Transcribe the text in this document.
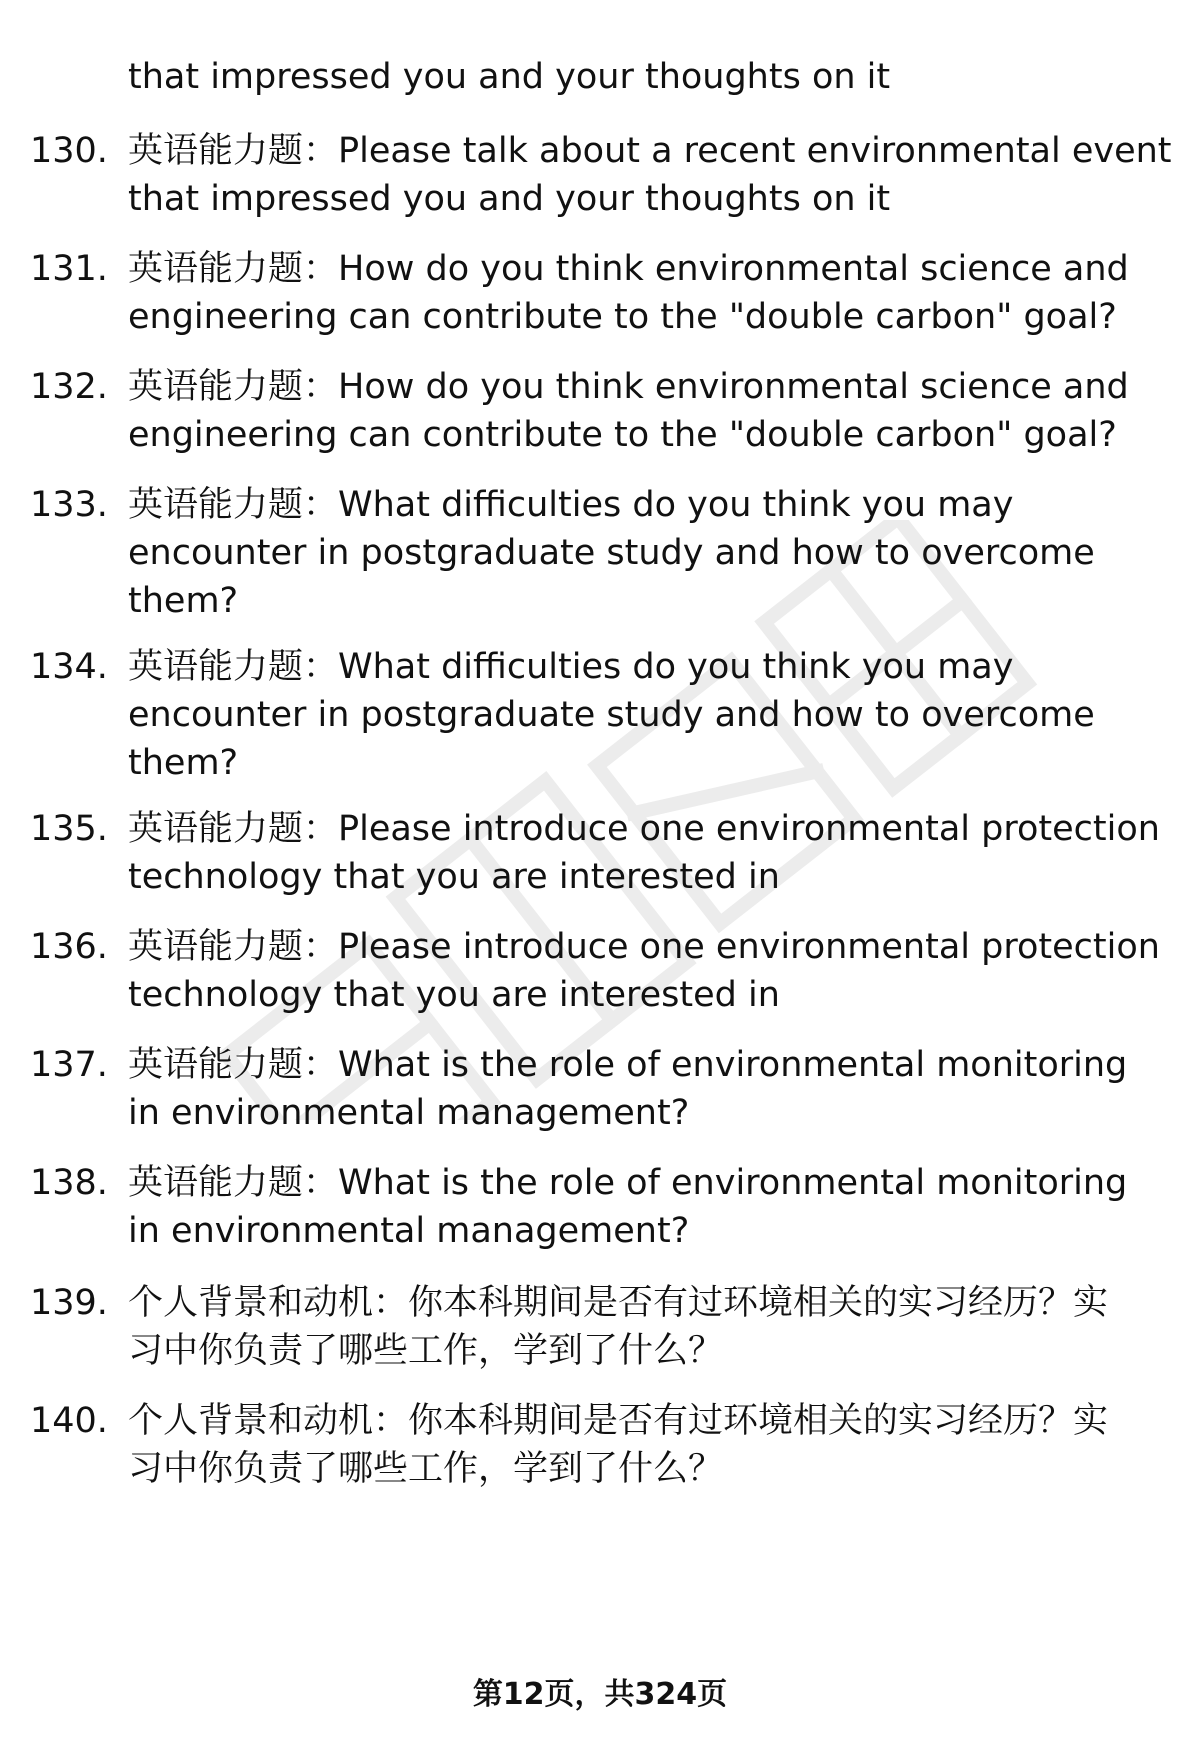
that impressed you and your thoughts on it
130. 英语能力题：Please talk about a recent environmental event
that impressed you and your thoughts on it
131. 英语能力题：How do you think environmental science and
engineering can contribute to the "double carbon" goal?
132. 英语能力题：How do you think environmental science and
engineering can contribute to the "double carbon" goal?
133. 英语能力题：What difficulties do you think you may
encounter in postgraduate study and how to overcome
them?
134. 英语能力题：What difficulties do you think you may
encounter in postgraduate study and how to overcome
them?
135. 英语能力题：Please introduce one environmental protection
technology that you are interested in
136. 英语能力题：Please introduce one environmental protection
technology that you are interested in
137. 英语能力题：What is the role of environmental monitoring
in environmental management?
138. 英语能力题：What is the role of environmental monitoring
in environmental management?
139. 个人背景和动机：你本科期间是否有过环境相关的实习经历？实
习中你负责了哪些工作，学到了什么？
140. 个人背景和动机：你本科期间是否有过环境相关的实习经历？实
习中你负责了哪些工作，学到了什么？
第12页，共324页
